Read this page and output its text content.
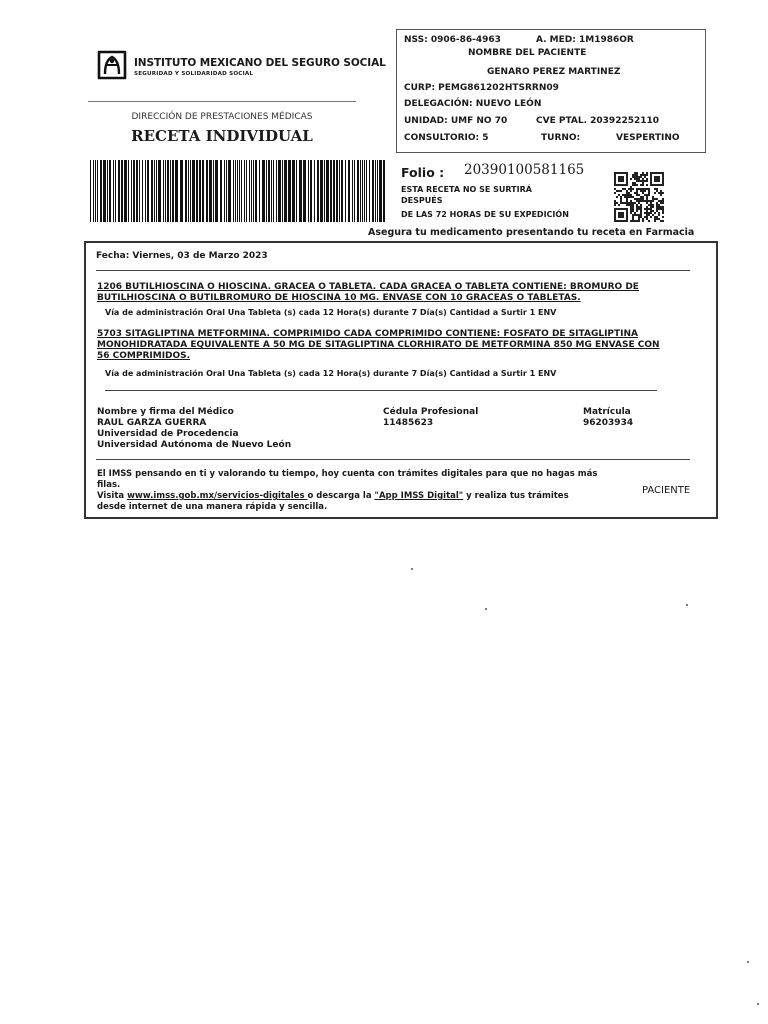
INSTITUTO MEXICANO DEL SEGURO SOCIAL
SEGURIDAD Y SOLIDARIDAD SOCIAL
DIRECCIÓN DE PRESTACIONES MÉDICAS
RECETA INDIVIDUAL
NSS: 0906-86-4963	A. MED: 1M1986OR
NOMBRE DEL PACIENTE
GENARO PEREZ MARTINEZ
CURP: PEMG861202HTSRRN09
DELEGACIÓN: NUEVO LEÓN
UNIDAD: UMF NO 70	CVE PTAL. 20392252110
CONSULTORIO: 5	TURNO:	VESPERTINO
Folio : 20390100581165
ESTA RECETA NO SE SURTIRÁ
DESPUÉS
DE LAS 72 HORAS DE SU EXPEDICIÓN
Asegura tu medicamento presentando tu receta en Farmacia
Fecha: Viernes, 03 de Marzo 2023
1206 BUTILHIOSCINA O HIOSCINA. GRACEA O TABLETA. CADA GRACEA O TABLETA CONTIENE: BROMURO DE BUTILHIOSCINA O BUTILBROMURO DE HIOSCINA 10 MG. ENVASE CON 10 GRACEAS O TABLETAS.
Vía de administración Oral Una Tableta (s) cada 12 Hora(s) durante 7 Día(s) Cantidad a Surtir 1 ENV
5703 SITAGLIPTINA METFORMINA. COMPRIMIDO CADA COMPRIMIDO CONTIENE: FOSFATO DE SITAGLIPTINA MONOHIDRATADA EQUIVALENTE A 50 MG DE SITAGLIPTINA CLORHIRATO DE METFORMINA 850 MG ENVASE CON 56 COMPRIMIDOS.
Vía de administración Oral Una Tableta (s) cada 12 Hora(s) durante 7 Día(s) Cantidad a Surtir 1 ENV
Nombre y firma del Médico
RAUL GARZA GUERRA
Universidad de Procedencia
Universidad Autónoma de Nuevo León
Cédula Profesional
11485623
Matrícula
96203934
El IMSS pensando en ti y valorando tu tiempo, hoy cuenta con trámites digitales para que no hagas más
filas.
Visita www.imss.gob.mx/servicios-digitales o descarga la "App IMSS Digital" y realiza tus trámites
desde internet de una manera rápida y sencilla.
PACIENTE
